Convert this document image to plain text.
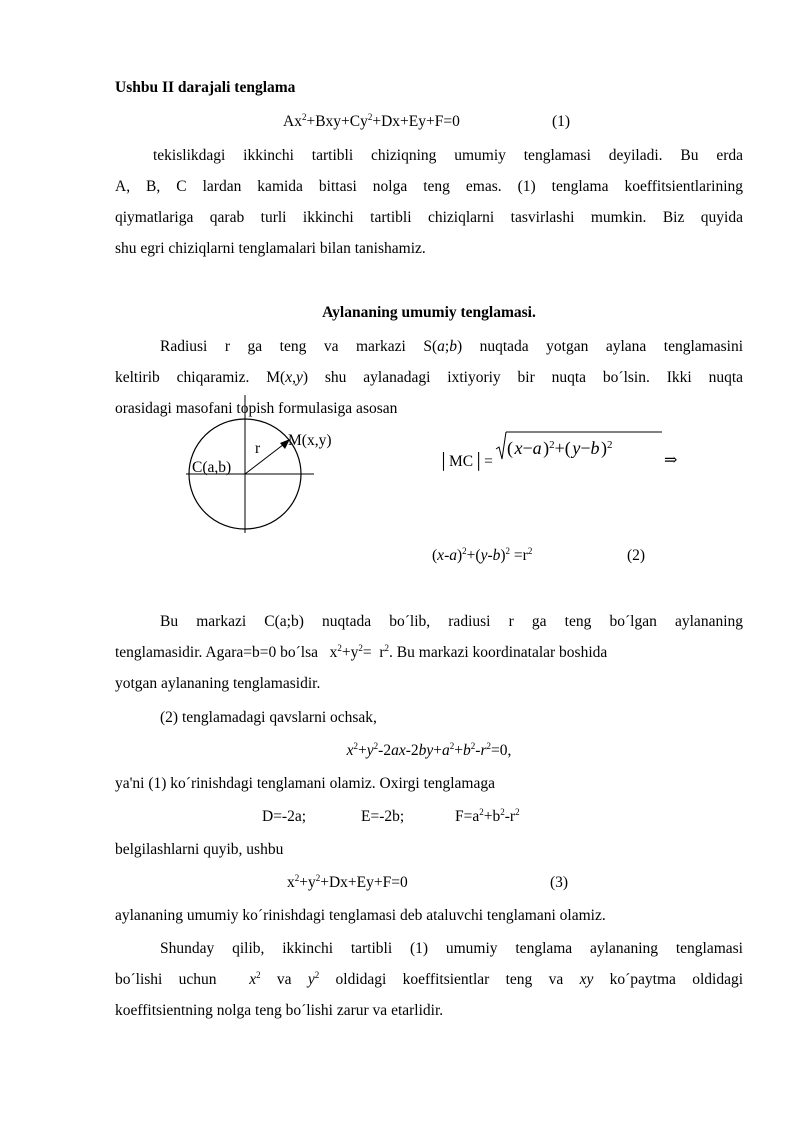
Ushbu II darajali tenglama
$Ax^2+Bxy+Cy^2+Dx+Ey+F=0$	(1)
tekislikdagi ikkinchi tartibli chiziqning umumiy tenglamasi deyiladi. Bu erda
A, B, C lardan kamida bittasi nolga teng emas. (1) tenglama koeffitsientlarining
qiymatlariga qarab turli ikkinchi tartibli chiziqlarni tasvirlashi mumkin. Biz quyida
shu egri chiziqlarni tenglamalari bilan tanishamiz.
Aylananing umumiy tenglamasi.
Radiusi r ga teng va markazi S(a;b) nuqtada yotgan aylana tenglamasini
keltirib chiqaramiz. M(x,y) shu aylanadagi ixtiyoriy bir nuqta bo´lsin. Ikki nuqta
orasidagi masofani topish formulasiga asosan
r M(x,y)
C(a,b)	│MC│=
( x−a )$^2$+( y−b )$^2$
⇒
$(x-a)^2+(y-b)^2 =r^2$	(2)
Bu markazi C(a;b) nuqtada bo´lib, radiusi r ga teng bo´lgan aylananing
tenglamasidir. Agara=b=0 bo´lsa   $x^2+y^2= r^2$. Bu markazi koordinatalar boshida
yotgan aylananing tenglamasidir.
(2) tenglamadagi qavslarni ochsak,
$x^2+y^2-2ax-2by+a^2+b^2-r^2=0$,
ya'ni (1) ko´rinishdagi tenglamani olamiz. Oxirgi tenglamaga
D=-2a;	E=-2b;	$F=a^2+b^2-r^2$
belgilashlarni quyib, ushbu
$x^2+y^2+Dx+Ey+F=0$	(3)
aylananing umumiy ko´rinishdagi tenglamasi deb ataluvchi tenglamani olamiz.
Shunday qilib, ikkinchi tartibli (1) umumiy tenglama aylananing tenglamasi
bo´lishi uchun $x^2$ va $y^2$ oldidagi koeffitsientlar teng va xy ko´paytma oldidagi
koeffitsientning nolga teng bo´lishi zarur va etarlidir.
